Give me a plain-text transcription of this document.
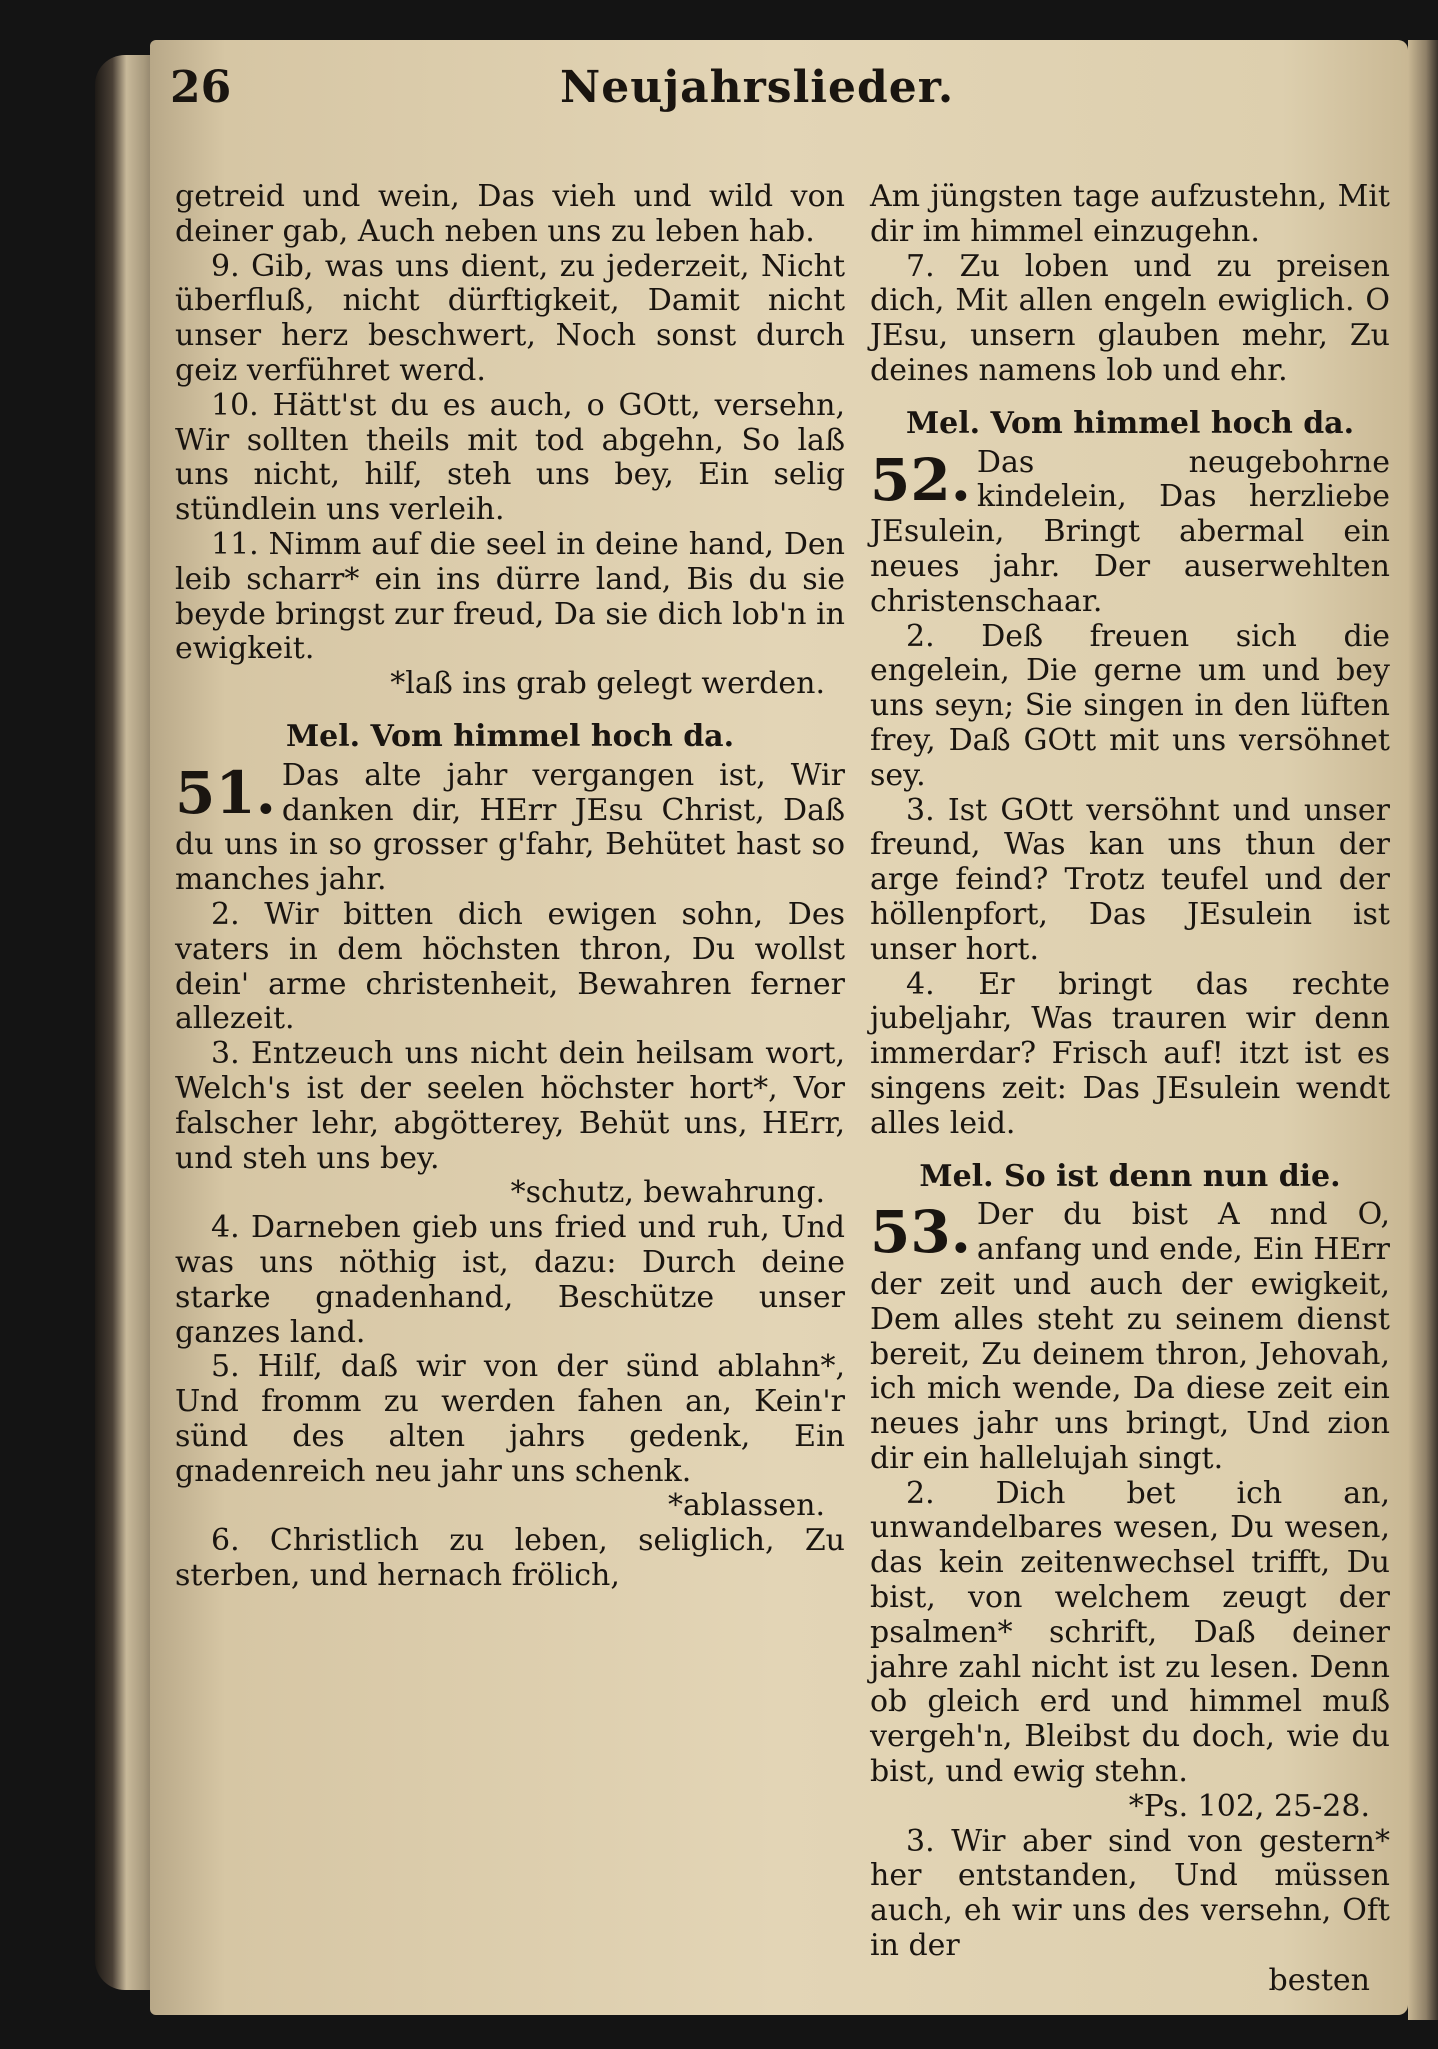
26	Neujahrslieder.

getreid und wein, Das vieh und wild von deiner gab, Auch neben uns zu leben hab.

9. Gib, was uns dient, zu jederzeit, Nicht überfluß, nicht dürftigkeit, Damit nicht unser herz beschwert, Noch sonst durch geiz verführet werd.

10. Hätt'st du es auch, o GOtt, versehn, Wir sollten theils mit tod abgehn, So laß uns nicht, hilf, steh uns bey, Ein selig stündlein uns verleih.

11. Nimm auf die seel in deine hand, Den leib scharr* ein ins dürre land, Bis du sie beyde bringst zur freud, Da sie dich lob'n in ewigkeit.

*laß ins grab gelegt werden.

Mel. Vom himmel hoch da.

51. Das alte jahr vergangen ist, Wir danken dir, HErr JEsu Christ, Daß du uns in so grosser g'fahr, Behütet hast so manches jahr.

2. Wir bitten dich ewigen sohn, Des vaters in dem höchsten thron, Du wollst dein' arme christenheit, Bewahren ferner allezeit.

3. Entzeuch uns nicht dein heilsam wort, Welch's ist der seelen höchster hort*, Vor falscher lehr, abgötterey, Behüt uns, HErr, und steh uns bey.

*schutz, bewahrung.

4. Darneben gieb uns fried und ruh, Und was uns nöthig ist, dazu: Durch deine starke gnadenhand, Beschütze unser ganzes land.

5. Hilf, daß wir von der sünd ablahn*, Und fromm zu werden fahen an, Kein'r sünd des alten jahrs gedenk, Ein gnadenreich neu jahr uns schenk.

*ablassen.

6. Christlich zu leben, seliglich, Zu sterben, und hernach frölich,

Am jüngsten tage aufzustehn, Mit dir im himmel einzugehn.

7. Zu loben und zu preisen dich, Mit allen engeln ewiglich. O JEsu, unsern glauben mehr, Zu deines namens lob und ehr.

Mel. Vom himmel hoch da.

52. Das neugebohrne kindelein, Das herzliebe JEsulein, Bringt abermal ein neues jahr. Der auserwehlten christenschaar.

2. Deß freuen sich die engelein, Die gerne um und bey uns seyn; Sie singen in den lüften frey, Daß GOtt mit uns versöhnet sey.

3. Ist GOtt versöhnt und unser freund, Was kan uns thun der arge feind? Trotz teufel und der höllenpfort, Das JEsulein ist unser hort.

4. Er bringt das rechte jubeljahr, Was trauren wir denn immerdar? Frisch auf! itzt ist es singens zeit: Das JEsulein wendt alles leid.

Mel. So ist denn nun die.

53. Der du bist A nnd O, anfang und ende, Ein HErr der zeit und auch der ewigkeit, Dem alles steht zu seinem dienst bereit, Zu deinem thron, Jehovah, ich mich wende, Da diese zeit ein neues jahr uns bringt, Und zion dir ein hallelujah singt.

2. Dich bet ich an, unwandelbares wesen, Du wesen, das kein zeitenwechsel trifft, Du bist, von welchem zeugt der psalmen* schrift, Daß deiner jahre zahl nicht ist zu lesen. Denn ob gleich erd und himmel muß vergeh'n, Bleibst du doch, wie du bist, und ewig stehn.

*Ps. 102, 25-28.

3. Wir aber sind von gestern* her entstanden, Und müssen auch, eh wir uns des versehn, Oft in der

besten
